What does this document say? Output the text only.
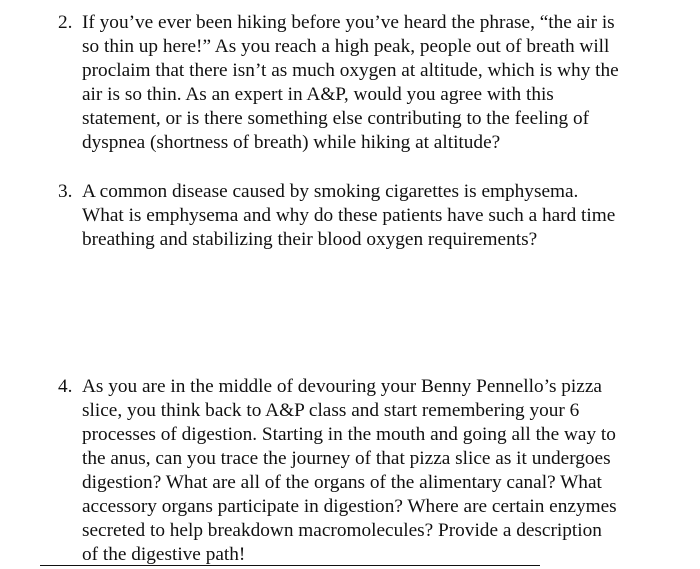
2. If you’ve ever been hiking before you’ve heard the phrase, “the air is
so thin up here!” As you reach a high peak, people out of breath will
proclaim that there isn’t as much oxygen at altitude, which is why the
air is so thin. As an expert in A&P, would you agree with this
statement, or is there something else contributing to the feeling of
dyspnea (shortness of breath) while hiking at altitude?
3. A common disease caused by smoking cigarettes is emphysema.
What is emphysema and why do these patients have such a hard time
breathing and stabilizing their blood oxygen requirements?
4. As you are in the middle of devouring your Benny Pennello’s pizza
slice, you think back to A&P class and start remembering your 6
processes of digestion. Starting in the mouth and going all the way to
the anus, can you trace the journey of that pizza slice as it undergoes
digestion? What are all of the organs of the alimentary canal? What
accessory organs participate in digestion? Where are certain enzymes
secreted to help breakdown macromolecules? Provide a description
of the digestive path!
